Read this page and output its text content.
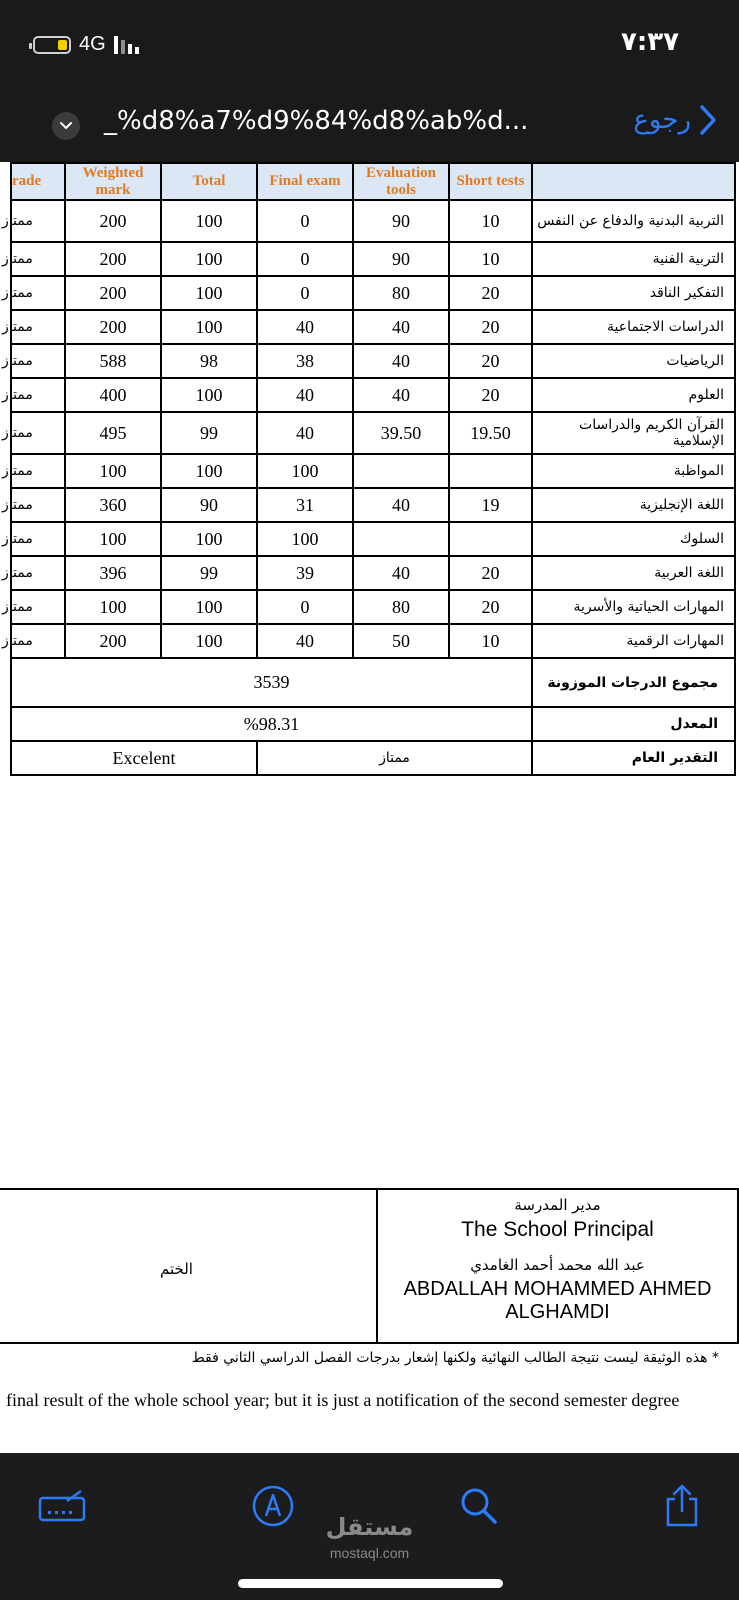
4G	٧:٣٧
_%d8%a7%d9%84%d8%ab%d...	رجوع
rade	Weighted mark	Total	Final exam	Evaluation tools	Short tests	

ممتاز	200	100	0	90	10	التربية البدنية والدفاع عن النفس

ممتاز	200	100	0	90	10	التربية الفنية

ممتاز	200	100	0	80	20	التفكير الناقد

ممتاز	200	100	40	40	20	الدراسات الاجتماعية

ممتاز	588	98	38	40	20	الرياضيات

ممتاز	400	100	40	40	20	العلوم

ممتاز	495	99	40	39.50	19.50	القرآن الكريم والدراسات الإسلامية

ممتاز	100	100	100			المواظبة

ممتاز	360	90	31	40	19	اللغة الإنجليزية

ممتاز	100	100	100			السلوك

ممتاز	396	99	39	40	20	اللغة العربية

ممتاز	100	100	0	80	20	المهارات الحياتية والأسرية

ممتاز	200	100	40	50	10	المهارات الرقمية
3539						مجموع الدرجات الموزونة
%98.31						المعدل
Excelent			ممتاز			التقدير العام
الختم
مدير المدرسة
The School Principal
عبد الله محمد أحمد الغامدي
ABDALLAH MOHAMMED AHMED
ALGHAMDI
* هذه الوثيقة ليست نتيجة الطالب النهائية ولكنها إشعار بدرجات الفصل الدراسي الثاني فقط
final result of the whole school year; but it is just a notification of the second semester degree
مستقل
mostaql.com
